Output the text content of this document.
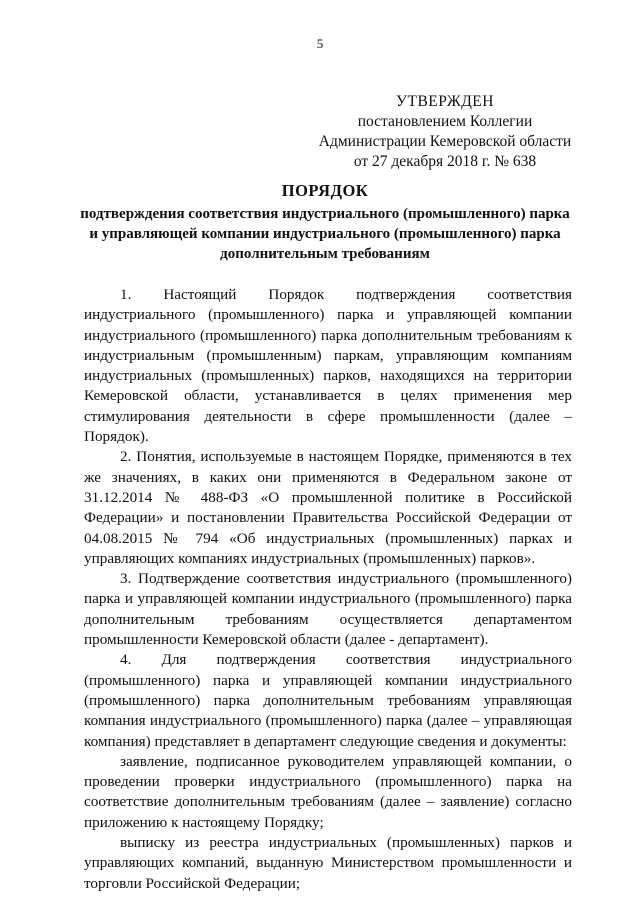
5
УТВЕРЖДЕН
постановлением Коллегии
Администрации Кемеровской области
от 27 декабря 2018 г. № 638
ПОРЯДОК
подтверждения соответствия индустриального (промышленного) парка и управляющей компании индустриального (промышленного) парка дополнительным требованиям

1. Настоящий Порядок подтверждения соответствия индустриального (промышленного) парка и управляющей компании индустриального (промышленного) парка дополнительным требованиям к индустриальным (промышленным) паркам, управляющим компаниям индустриальных (промышленных) парков, находящихся на территории Кемеровской области, устанавливается в целях применения мер стимулирования деятельности в сфере промышленности (далее – Порядок).

2. Понятия, используемые в настоящем Порядке, применяются в тех же значениях, в каких они применяются в Федеральном законе от 31.12.2014 № 488-ФЗ «О промышленной политике в Российской Федерации» и постановлении Правительства Российской Федерации от 04.08.2015 № 794 «Об индустриальных (промышленных) парках и управляющих компаниях индустриальных (промышленных) парков».

3. Подтверждение соответствия индустриального (промышленного) парка и управляющей компании индустриального (промышленного) парка дополнительным требованиям осуществляется департаментом промышленности Кемеровской области (далее - департамент).

4. Для подтверждения соответствия индустриального (промышленного) парка и управляющей компании индустриального (промышленного) парка дополнительным требованиям управляющая компания индустриального (промышленного) парка (далее – управляющая компания) представляет в департамент следующие сведения и документы:

заявление, подписанное руководителем управляющей компании, о проведении проверки индустриального (промышленного) парка на соответствие дополнительным требованиям (далее – заявление) согласно приложению к настоящему Порядку;

выписку из реестра индустриальных (промышленных) парков и управляющих компаний, выданную Министерством промышленности и торговли Российской Федерации;
